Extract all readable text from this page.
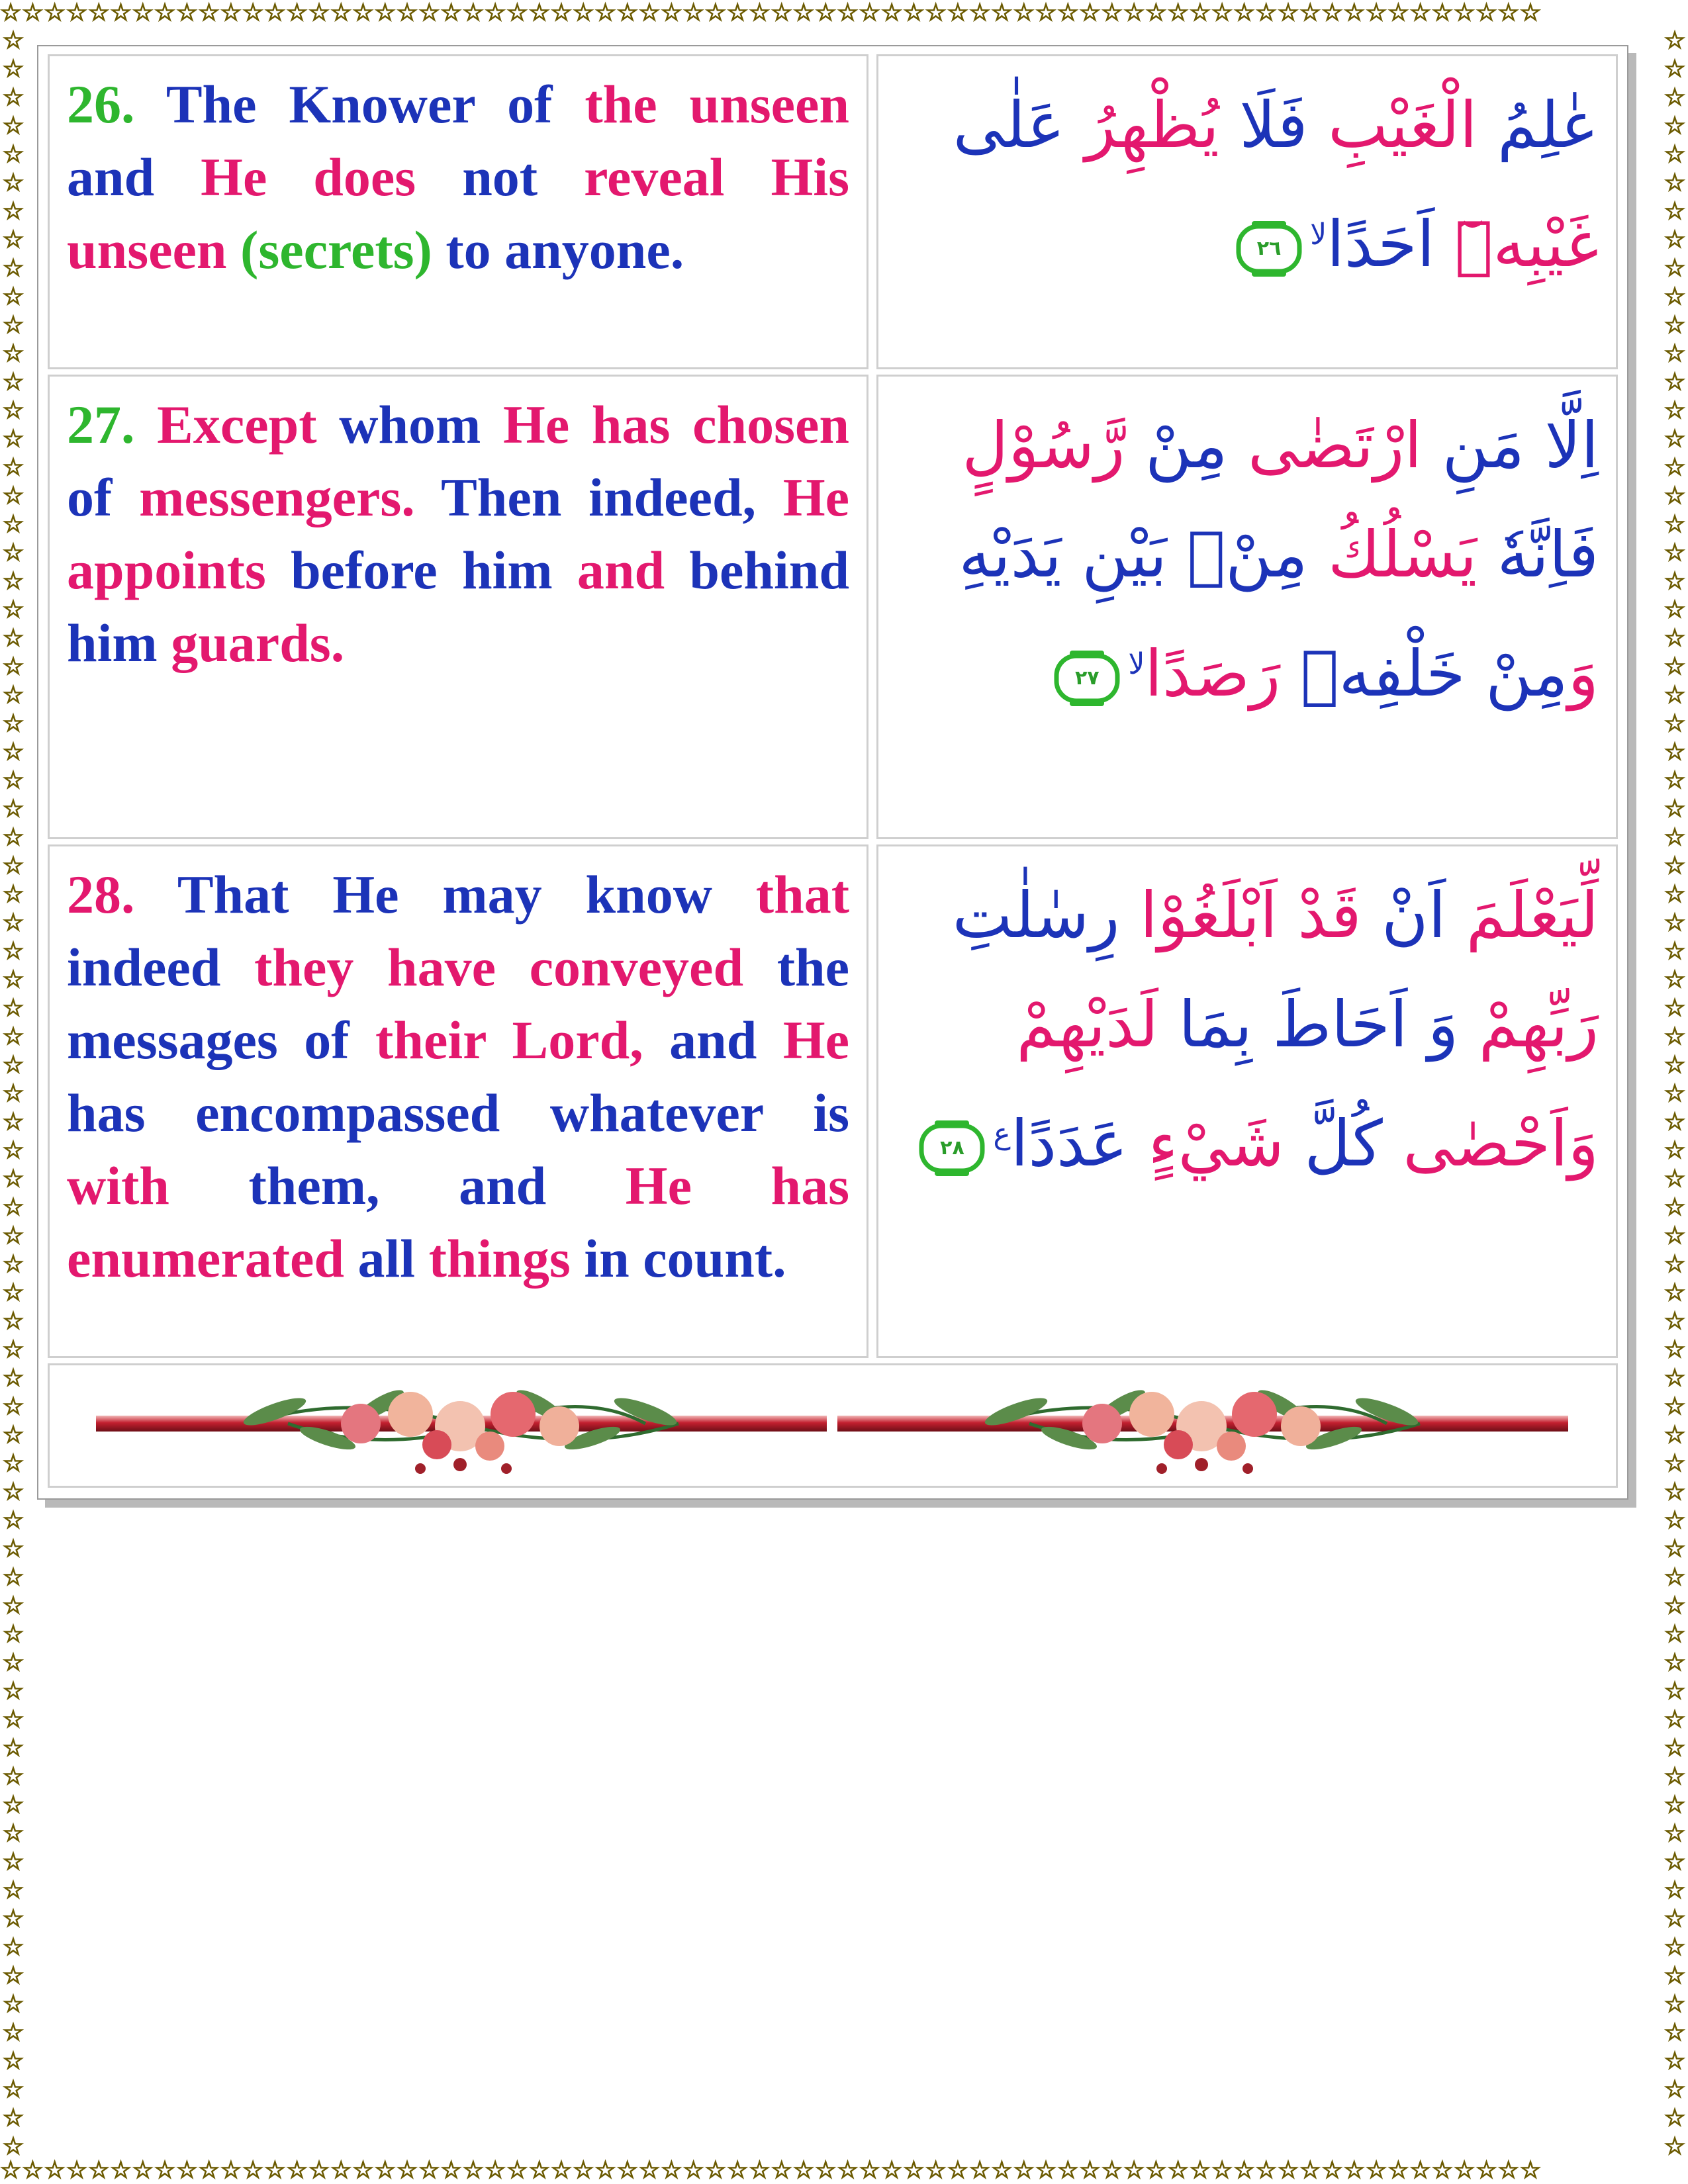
☆☆☆☆☆☆☆☆☆☆☆☆☆☆☆☆☆☆☆☆☆☆☆☆☆☆☆☆☆☆☆☆☆☆☆☆☆☆☆☆☆☆☆☆☆☆☆☆☆☆☆☆☆☆☆☆☆☆☆☆☆☆☆☆☆☆☆☆☆☆
☆☆☆☆☆☆☆☆☆☆☆☆☆☆☆☆☆☆☆☆☆☆☆☆☆☆☆☆☆☆☆☆☆☆☆☆☆☆☆☆☆☆☆☆☆☆☆☆☆☆☆☆☆☆☆☆☆☆☆☆☆☆☆☆☆☆☆☆☆☆
☆☆☆☆☆☆☆☆☆☆☆☆☆☆☆☆☆☆☆☆☆☆☆☆☆☆☆☆☆☆☆☆☆☆☆☆☆☆☆☆☆☆☆☆☆☆☆☆☆☆☆☆☆☆☆☆☆☆☆☆☆☆☆☆☆☆☆☆☆☆☆☆☆☆☆
☆☆☆☆☆☆☆☆☆☆☆☆☆☆☆☆☆☆☆☆☆☆☆☆☆☆☆☆☆☆☆☆☆☆☆☆☆☆☆☆☆☆☆☆☆☆☆☆☆☆☆☆☆☆☆☆☆☆☆☆☆☆☆☆☆☆☆☆☆☆☆☆☆☆☆

26. The Knower of the unseen and He does not reveal His unseen (secrets) to anyone.

عٰلِمُ الْغَيْبِ فَلَا يُظْهِرُ عَلٰى غَيْبِهٖٓ اَحَدًا$^{لا}$
٢٦

27. Except whom He has chosen of messengers. Then indeed, He appoints before him and behind him guards.

اِلَّا مَنِ ارْتَضٰى مِنْ رَّسُوْلٍ فَاِنَّهٗ يَسْلُكُ مِنْۢ بَيْنِ يَدَيْهِ وَمِنْ خَلْفِهٖ رَصَدًا$^{لا}$
٢٧

28. That He may know that indeed they have conveyed the messages of their Lord, and He has encompassed whatever is with them, and He has enumerated all things in count.

لِّيَعْلَمَ اَنْ قَدْ اَبْلَغُوْا رِسٰلٰتِ رَبِّهِمْ وَ اَحَاطَ بِمَا لَدَيْهِمْ وَاَحْصٰى كُلَّ شَيْءٍ عَدَدًا$^ع$
٢٨
